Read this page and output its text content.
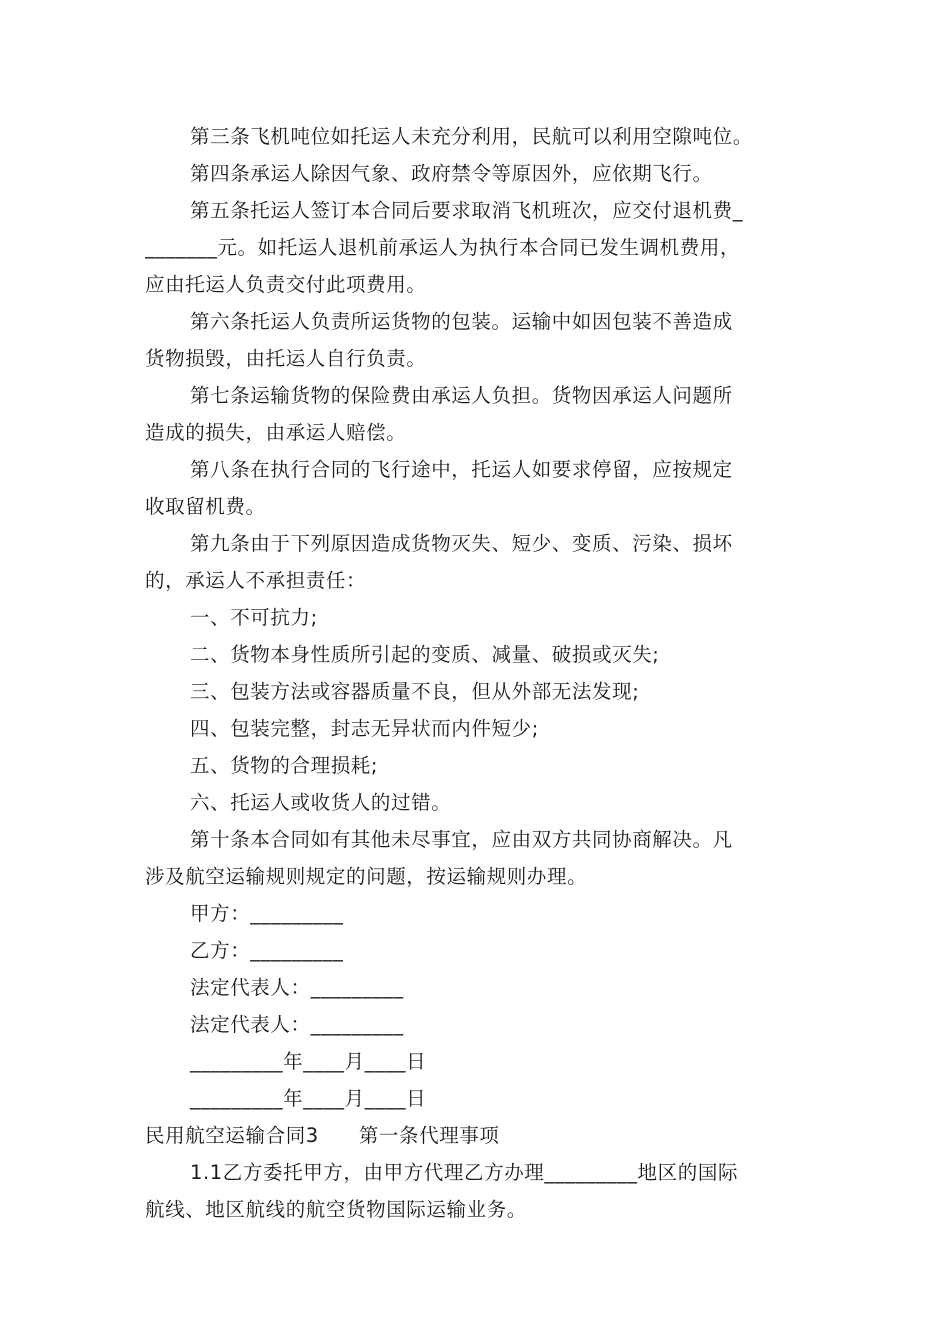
第三条飞机吨位如托运人未充分利用，民航可以利用空隙吨位。
第四条承运人除因气象、政府禁令等原因外，应依期飞行。
第五条托运人签订本合同后要求取消飞机班次，应交付退机费_
_______元。如托运人退机前承运人为执行本合同已发生调机费用，
应由托运人负责交付此项费用。
第六条托运人负责所运货物的包装。运输中如因包装不善造成
货物损毁，由托运人自行负责。
第七条运输货物的保险费由承运人负担。货物因承运人问题所
造成的损失，由承运人赔偿。
第八条在执行合同的飞行途中，托运人如要求停留，应按规定
收取留机费。
第九条由于下列原因造成货物灭失、短少、变质、污染、损坏
的，承运人不承担责任：
一、不可抗力;
二、货物本身性质所引起的变质、减量、破损或灭失;
三、包装方法或容器质量不良，但从外部无法发现;
四、包装完整，封志无异状而内件短少;
五、货物的合理损耗;
六、托运人或收货人的过错。
第十条本合同如有其他未尽事宜，应由双方共同协商解决。凡
涉及航空运输规则规定的问题，按运输规则办理。
甲方：_________
乙方：_________
法定代表人：_________
法定代表人：_________
_________年____月____日
_________年____月____日
民用航空运输合同3 第一条代理事项
1.1乙方委托甲方，由甲方代理乙方办理_________地区的国际
航线、地区航线的航空货物国际运输业务。
